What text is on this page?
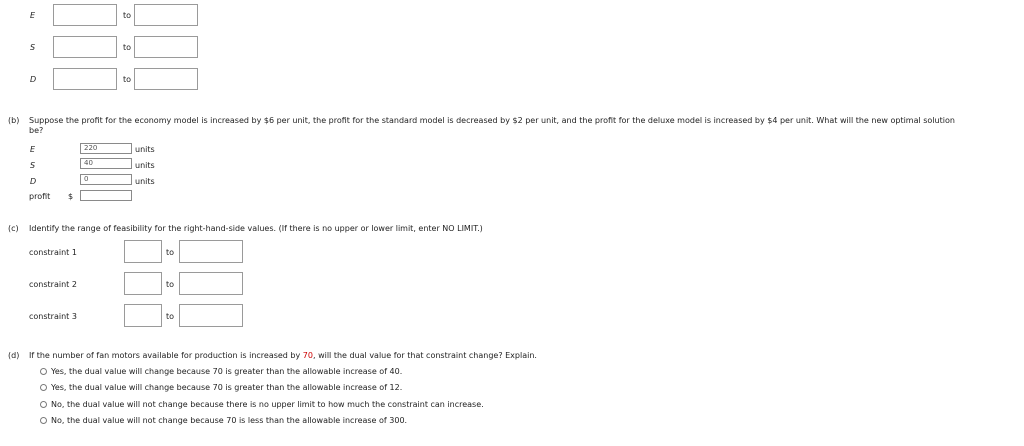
E	to
S	to
D	to
(b) Suppose the profit for the economy model is increased by $6 per unit, the profit for the standard model is decreased by $2 per unit, and the profit for the deluxe model is increased by $4 per unit. What will the new optimal solution
be?
E	220	units
S	40	units
D	0	units
profit $
(c) Identify the range of feasibility for the right-hand-side values. (If there is no upper or lower limit, enter NO LIMIT.)
constraint 1	to
constraint 2	to
constraint 3	to
(d) If the number of fan motors available for production is increased by 70, will the dual value for that constraint change? Explain.
Yes, the dual value will change because 70 is greater than the allowable increase of 40.
Yes, the dual value will change because 70 is greater than the allowable increase of 12.
No, the dual value will not change because there is no upper limit to how much the constraint can increase.
No, the dual value will not change because 70 is less than the allowable increase of 300.
